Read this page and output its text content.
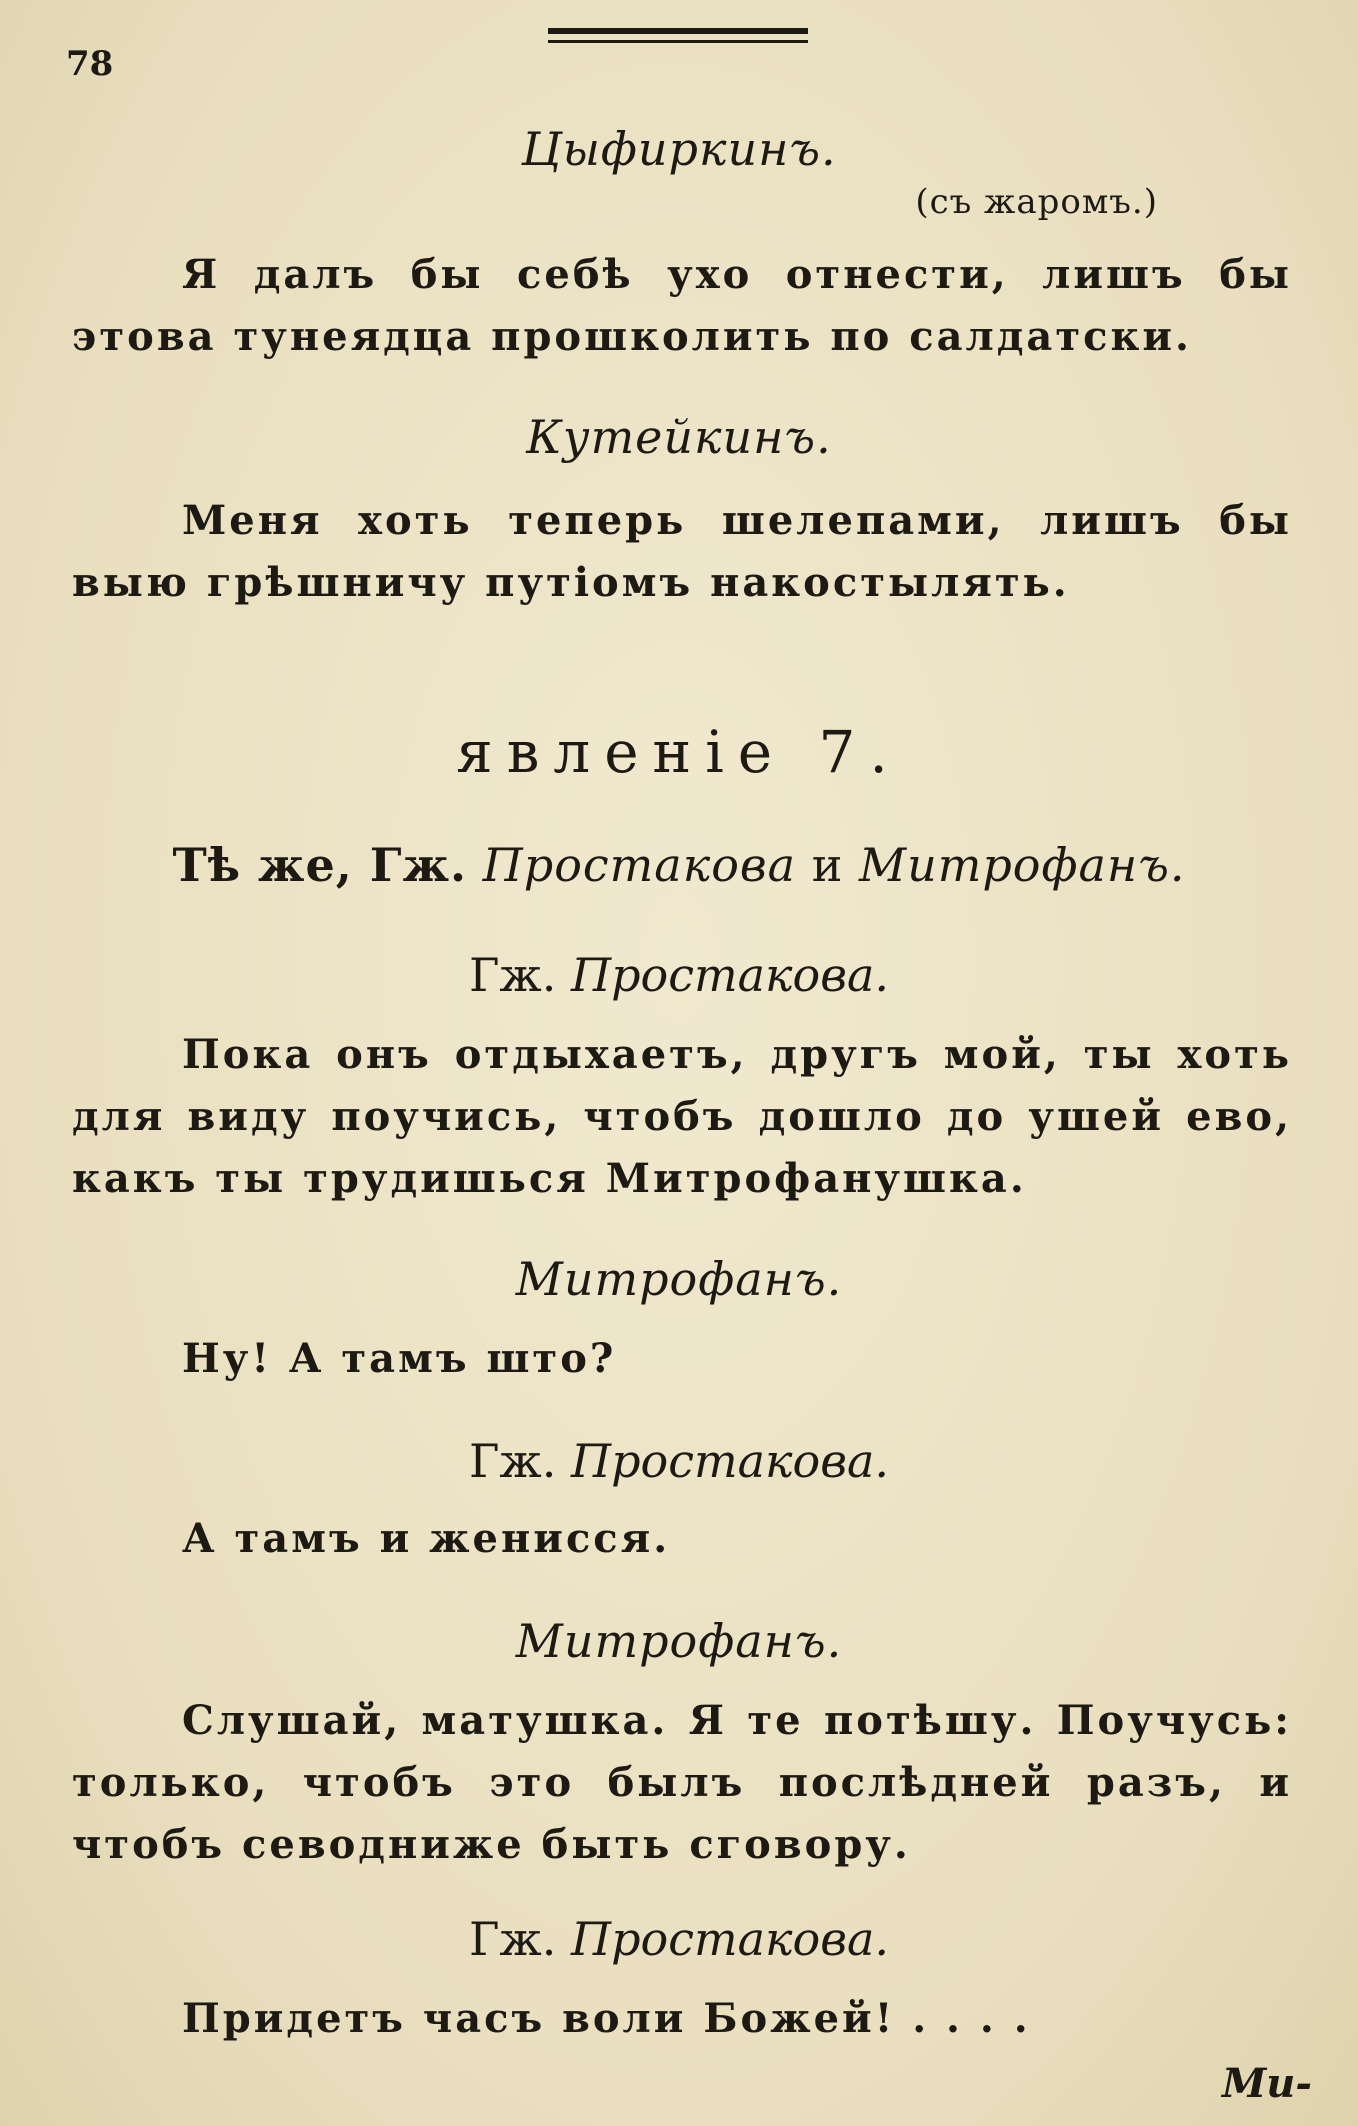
78
Цыфиркинъ.
(съ жаромъ.)
Я далъ бы себѣ ухо отнести, лишъ бы этова тунеядца прошколить по салдатски.
Кутейкинъ.
Меня хоть теперь шелепами, лишъ бы выю грѣшничу путiомъ накостылять.
явленiе 7.
Тѣ же, Гж. Простакова и Митрофанъ.
Гж. Простакова.
Пока онъ отдыхаетъ, другъ мой, ты хоть для виду поучись, чтобъ дошло до ушей ево, какъ ты трудишься Митрофанушка.
Митрофанъ.
Ну! А тамъ што?
Гж. Простакова.
А тамъ и женисся.
Митрофанъ.
Слушай, матушка. Я те потѣшу. Поучусь: только, чтобъ это былъ послѣдней разъ, и чтобъ севодниже быть сговору.
Гж. Простакова.
Придетъ часъ воли Божей! . . . .
Ми-
